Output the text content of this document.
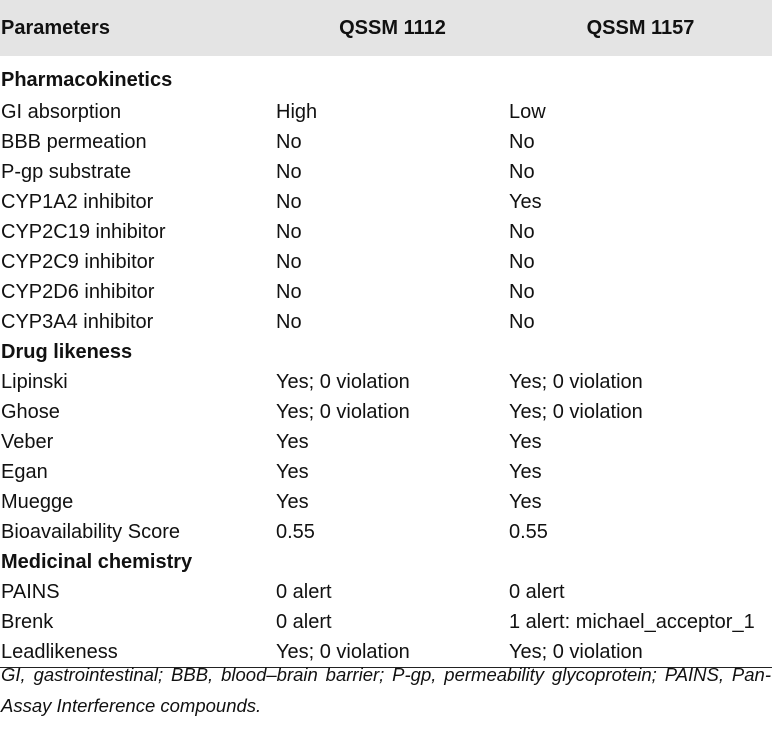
Parameters	QSSM 1112	QSSM 1157
Pharmacokinetics		
GI absorption	High	Low
BBB permeation	No	No
P-gp substrate	No	No
CYP1A2 inhibitor	No	Yes
CYP2C19 inhibitor	No	No
CYP2C9 inhibitor	No	No
CYP2D6 inhibitor	No	No
CYP3A4 inhibitor	No	No
Drug likeness		
Lipinski	Yes; 0 violation	Yes; 0 violation
Ghose	Yes; 0 violation	Yes; 0 violation
Veber	Yes	Yes
Egan	Yes	Yes
Muegge	Yes	Yes
Bioavailability Score	0.55	0.55
Medicinal chemistry		
PAINS	0 alert	0 alert
Brenk	0 alert	1 alert: michael_acceptor_1
Leadlikeness	Yes; 0 violation	Yes; 0 violation
GI, gastrointestinal; BBB, blood–brain barrier; P-gp, permeability glycoprotein; PAINS, Pan-Assay Interference compounds.
